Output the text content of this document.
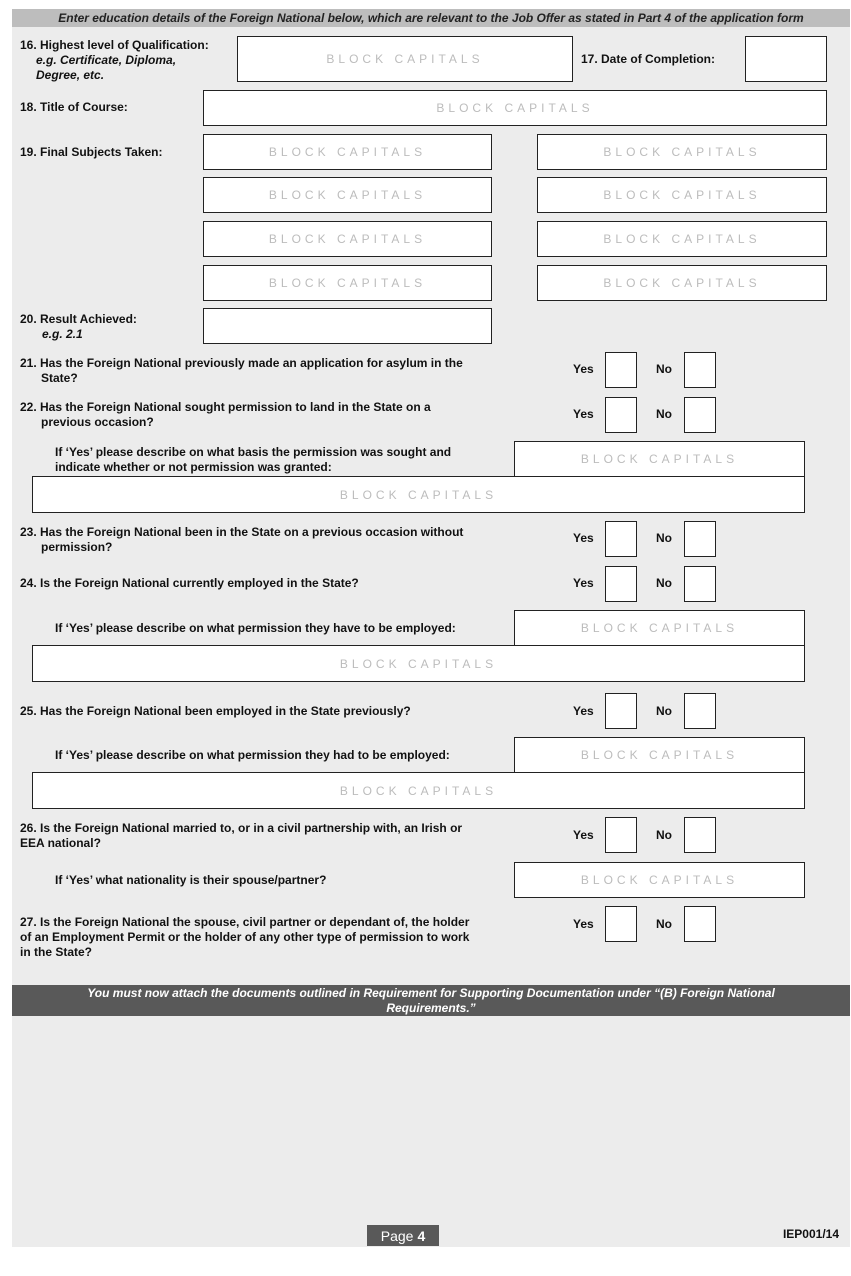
Enter education details of the Foreign National below, which are relevant to the Job Offer as stated in Part 4 of the application form
16. Highest level of Qualification:
e.g. Certificate, Diploma,
Degree, etc.
BLOCK CAPITALS	17. Date of Completion:
18. Title of Course:	BLOCK CAPITALS
19. Final Subjects Taken:	BLOCK CAPITALS	BLOCK CAPITALS
BLOCK CAPITALS	BLOCK CAPITALS
BLOCK CAPITALS	BLOCK CAPITALS
BLOCK CAPITALS	BLOCK CAPITALS
20. Result Achieved:
e.g. 2.1
21. Has the Foreign National previously made an application for asylum in the
State?
Yes	No
22. Has the Foreign National sought permission to land in the State on a
previous occasion?
Yes	No
If ‘Yes’ please describe on what basis the permission was sought and
indicate whether or not permission was granted:
BLOCK CAPITALS
BLOCK CAPITALS
23. Has the Foreign National been in the State on a previous occasion without
permission?
Yes	No
24. Is the Foreign National currently employed in the State?	Yes	No
If ‘Yes’ please describe on what permission they have to be employed:	BLOCK CAPITALS
BLOCK CAPITALS
25. Has the Foreign National been employed in the State previously?	Yes	No
If ‘Yes’ please describe on what permission they had to be employed:	BLOCK CAPITALS
BLOCK CAPITALS
26. Is the Foreign National married to, or in a civil partnership with, an Irish or
EEA national?
Yes	No
If ‘Yes’ what nationality is their spouse/partner?	BLOCK CAPITALS
27. Is the Foreign National the spouse, civil partner or dependant of, the holder
of an Employment Permit or the holder of any other type of permission to work
in the State?
Yes	No
You must now attach the documents outlined in Requirement for Supporting Documentation under “(B) Foreign National
Requirements.”
Page 4	IEP001/14
